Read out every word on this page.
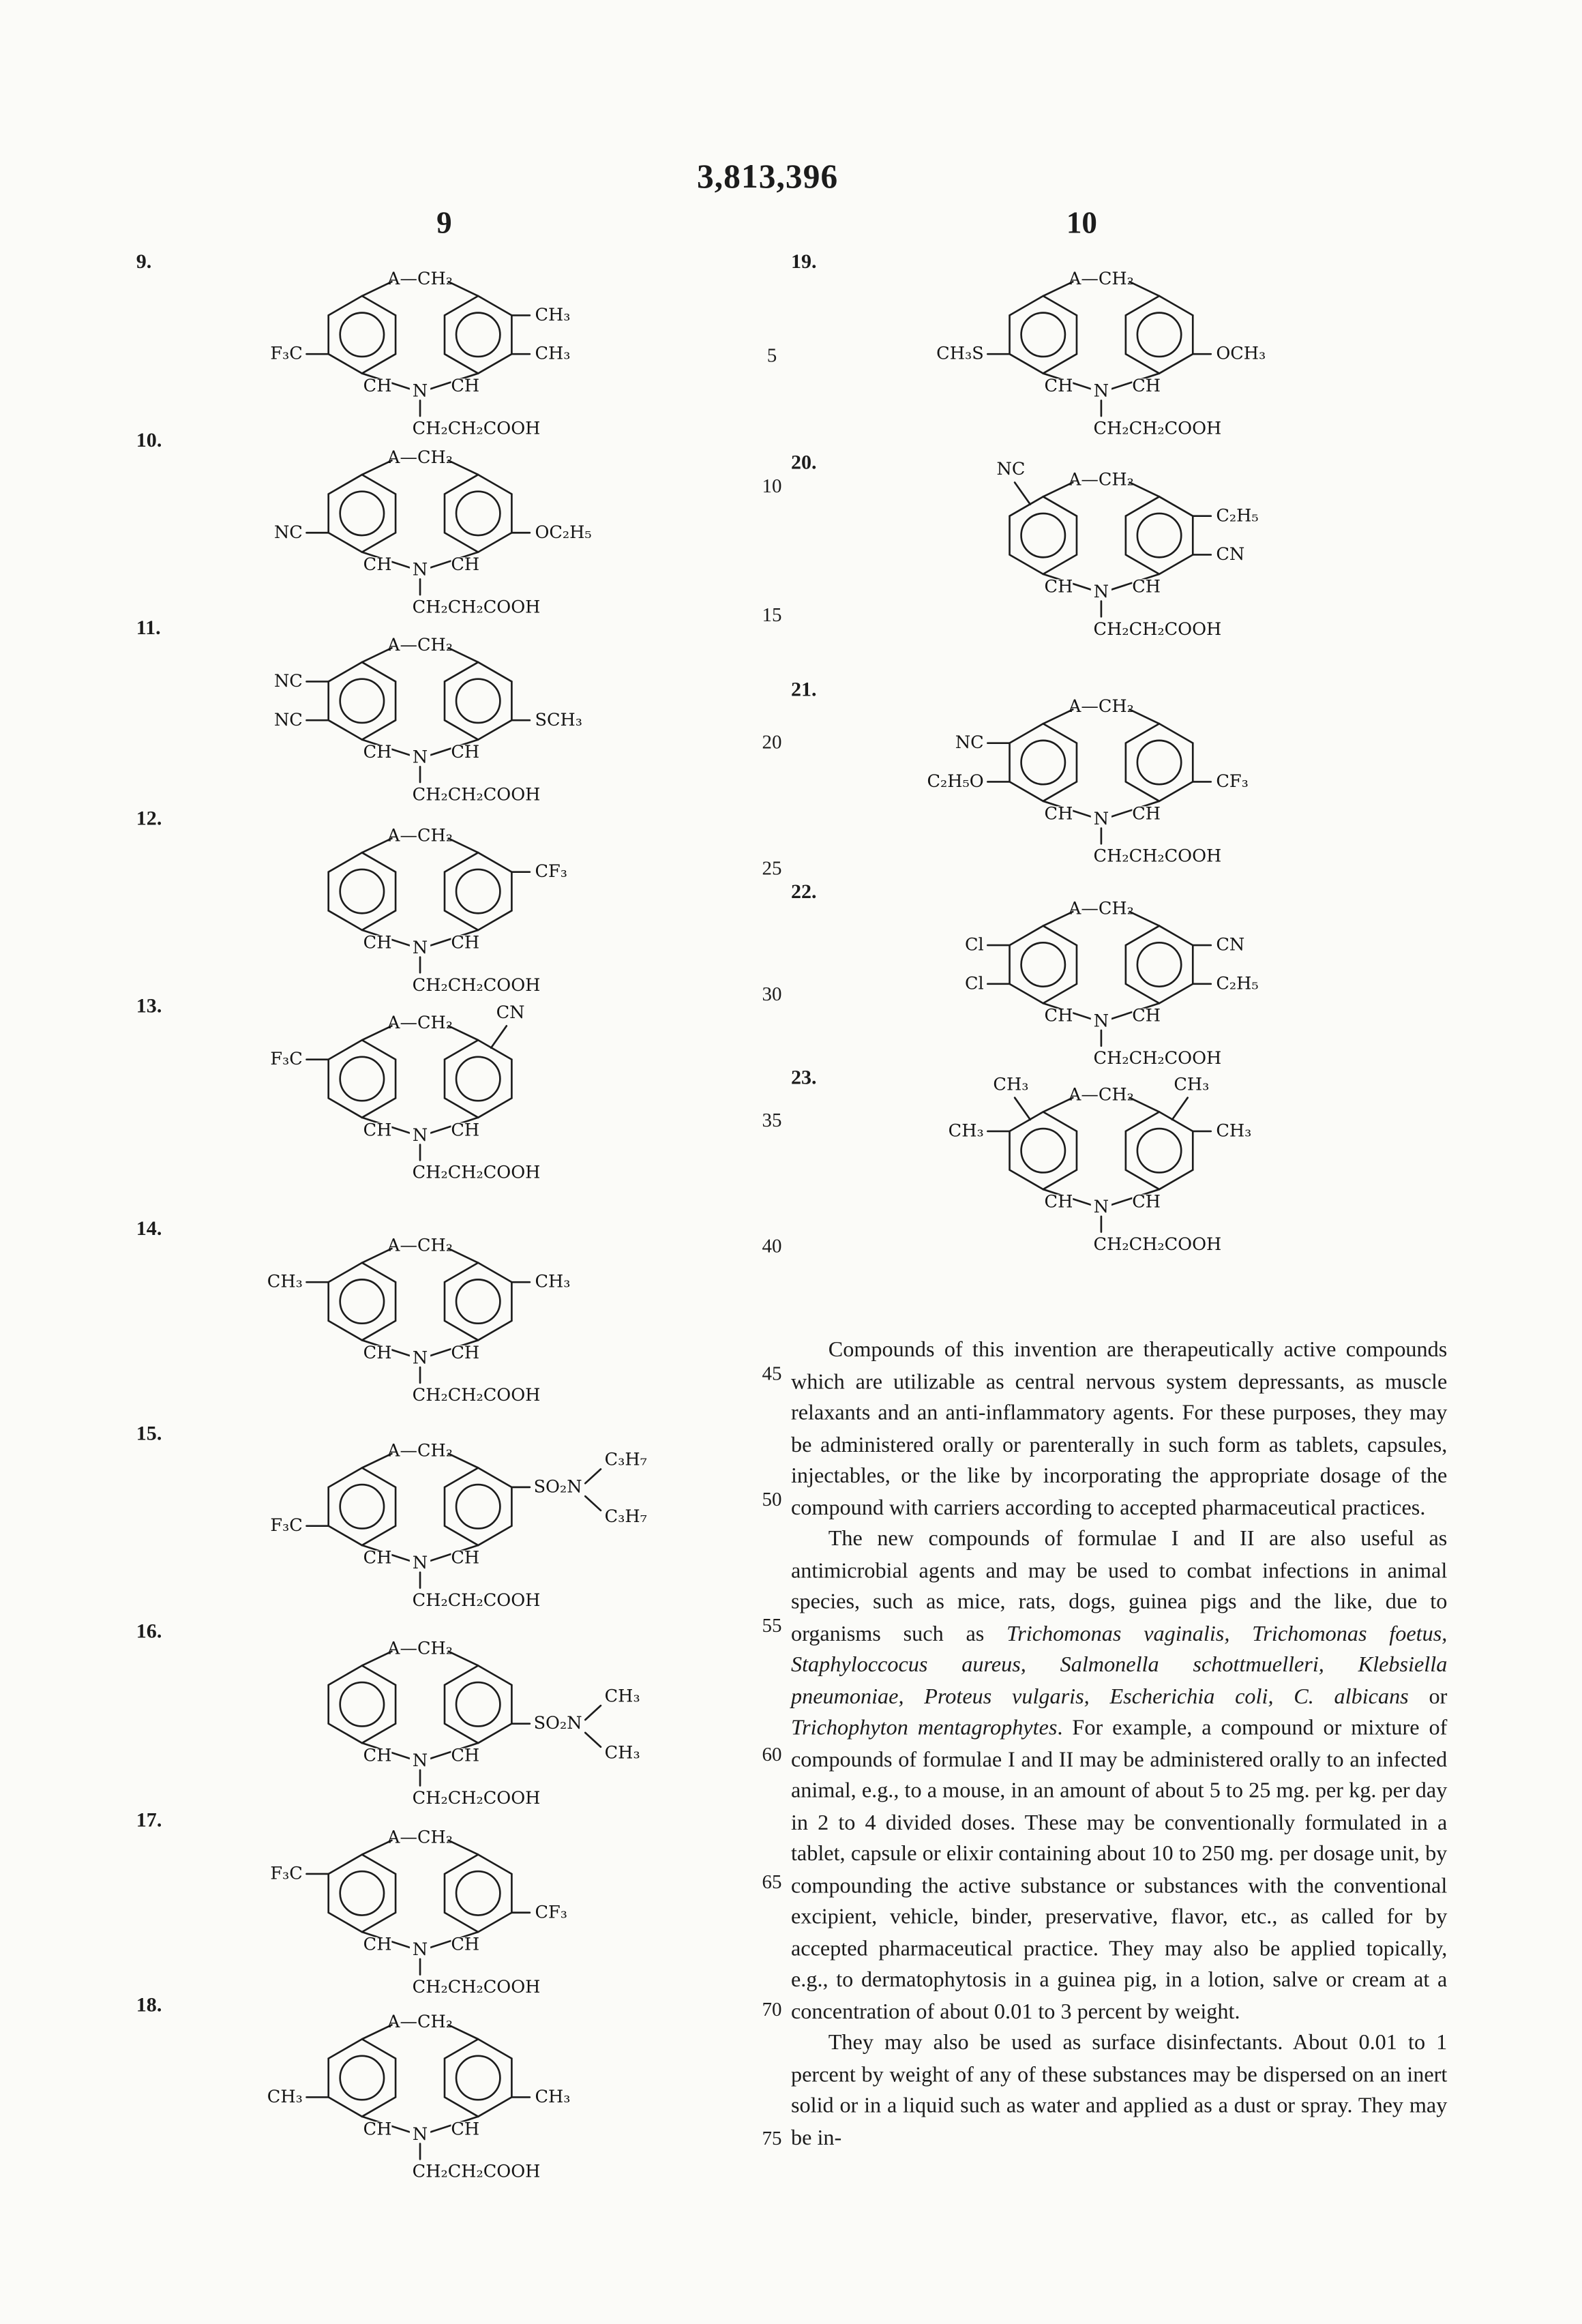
3,813,396
9	10

Compounds of this invention are therapeutically active compounds which are utilizable as central nervous system depressants, as muscle relaxants and an anti-inflammatory agents. For these purposes, they may be administered orally or parenterally in such form as tablets, capsules, injectables, or the like by incorporating the appropriate dosage of the compound with carriers according to accepted pharmaceutical practices.

The new compounds of formulae I and II are also useful as antimicrobial agents and may be used to combat infections in animal species, such as mice, rats, dogs, guinea pigs and the like, due to organisms such as Trichomonas vaginalis, Trichomonas foetus, Staphyloccocus aureus, Salmonella schottmuelleri, Klebsiella pneumoniae, Proteus vulgaris, Escherichia coli, C. albicans or Trichophyton mentagrophytes. For example, a compound or mixture of compounds of formulae I and II may be administered orally to an infected animal, e.g., to a mouse, in an amount of about 5 to 25 mg. per kg. per day in 2 to 4 divided doses. These may be conventionally formulated in a tablet, capsule or elixir containing about 10 to 250 mg. per dosage unit, by compounding the active substance or substances with the conventional excipient, vehicle, binder, preservative, flavor, etc., as called for by accepted pharmaceutical practice. They may also be applied topically, e.g., to dermatophytosis in a guinea pig, in a lotion, salve or cream at a concentration of about 0.01 to 3 percent by weight.

They may also be used as surface disinfectants. About 0.01 to 1 percent by weight of any of these substances may be dispersed on an inert solid or in a liquid such as water and applied as a dust or spray. They may be in-

9.
A—CH₂
CH	CH
N
CH₂CH₂COOH
F₃C
CH₃
CH₃
10.
A—CH₂
CH	CH
N
CH₂CH₂COOH
NC	OC₂H₅
11.
A—CH₂
CH	CH
N
CH₂CH₂COOH
NC
NC	SCH₃
12.
A—CH₂
CH	CH
N
CH₂CH₂COOH
CF₃
13.
A—CH₂
CH	CH
N
CH₂CH₂COOH
F₃C
CN
14.
A—CH₂
CH	CH
N
CH₂CH₂COOH
CH₃	CH₃
15.
A—CH₂
CH	CH
N
CH₂CH₂COOH
F₃C
SO₂N
C₃H₇
C₃H₇
16.
A—CH₂
CH	CH
N
CH₂CH₂COOH
SO₂N
CH₃
CH₃
17.
A—CH₂
CH	CH
N
CH₂CH₂COOH
F₃C
CF₃
18.
A—CH₂
CH	CH
N
CH₂CH₂COOH
CH₃	CH₃
19.
A—CH₂
CH	CH
N
CH₂CH₂COOH
CH₃S	OCH₃
20.
A—CH₂
CH	CH
N
CH₂CH₂COOH
NC
C₂H₅
CN
21.
A—CH₂
CH	CH
N
CH₂CH₂COOH
NC
C₂H₅O	CF₃
22.
A—CH₂
CH	CH
N
CH₂CH₂COOH
Cl
Cl
CN
C₂H₅
23.
A—CH₂
CH	CH
N
CH₂CH₂COOH
CH₃	CH₃
CH₃	CH₃
5
10
15
20
25
30
35
40
45
50
55
60
65
70
75
